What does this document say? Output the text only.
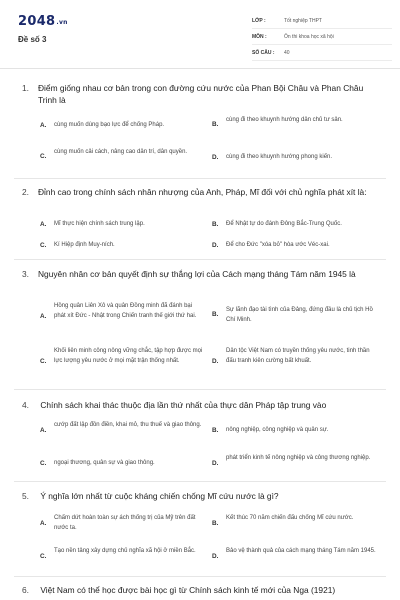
2048.vn
Đề số 3
LỚP :	Tốt nghiệp THPT
MÔN :	Ôn thi khoa học xã hội
SỐ CÂU :	40
1.	Điểm giống nhau cơ bản trong con đường cứu nước của Phan Bội Châu và Phan Châu Trinh là
A. cùng muốn dùng bạo lực để chống Pháp.	B.
cùng đi theo khuynh hướng dân chủ tư sản.
C.
cùng muốn cải cách, nâng cao dân trí, dân quyền.
D. cùng đi theo khuynh hướng phong kiến.
2.	Đỉnh cao trong chính sách nhân nhượng của Anh, Pháp, Mĩ đối với chủ nghĩa phát xít là:
A. Mĩ thực hiện chính sách trung lập.	B. Để Nhật tự do đánh Đông Bắc-Trung Quốc.
C. Kí Hiệp định Muy-ních.	D. Để cho Đức "xóa bỏ" hòa ước Véc-xai.
3.	Nguyên nhân cơ bản quyết định sự thắng lợi của Cách mạng tháng Tám năm 1945 là
A.
Hồng quân Liên Xô và quân Đồng minh đã đánh bại phát xít Đức - Nhật trong Chiến tranh thế giới thứ hai.	B.
Sự lãnh đạo tài tình của Đảng, đứng đầu là chủ tịch Hồ Chí Minh.
C.
Khối liên minh công nông vững chắc, tập hợp được mọi lực lượng yêu nước ở mọi mặt trận thống nhất.	D.
Dân tộc Việt Nam có truyền thống yêu nước, tinh thần đấu tranh kiên cường bất khuất.
4. Chính sách khai thác thuộc địa lần thứ nhất của thực dân Pháp tập trung vào
A.
cướp đất lập đồn điền, khai mỏ, thu thuế và giao thông.
B. nông nghiệp, công nghiệp và quân sự.
C. ngoại thương, quân sự và giao thông.	D.
phát triển kinh tế nông nghiệp và công thương nghiệp.
5. Ý nghĩa lớn nhất từ cuộc kháng chiến chống Mĩ cứu nước là gì?
A.
Chấm dứt hoàn toàn sự ách thống trị của Mỹ trên đất nước ta.
B.
Kết thúc 70 năm chiến đấu chống Mĩ cứu nước.
C.
Tạo nền tảng xây dựng chủ nghĩa xã hội ở miền Bắc.
D.
Bảo vệ thành quả của cách mạng tháng Tám năm 1945.
6. Việt Nam có thể học được bài học gì từ Chính sách kinh tế mới của Nga (1921)
